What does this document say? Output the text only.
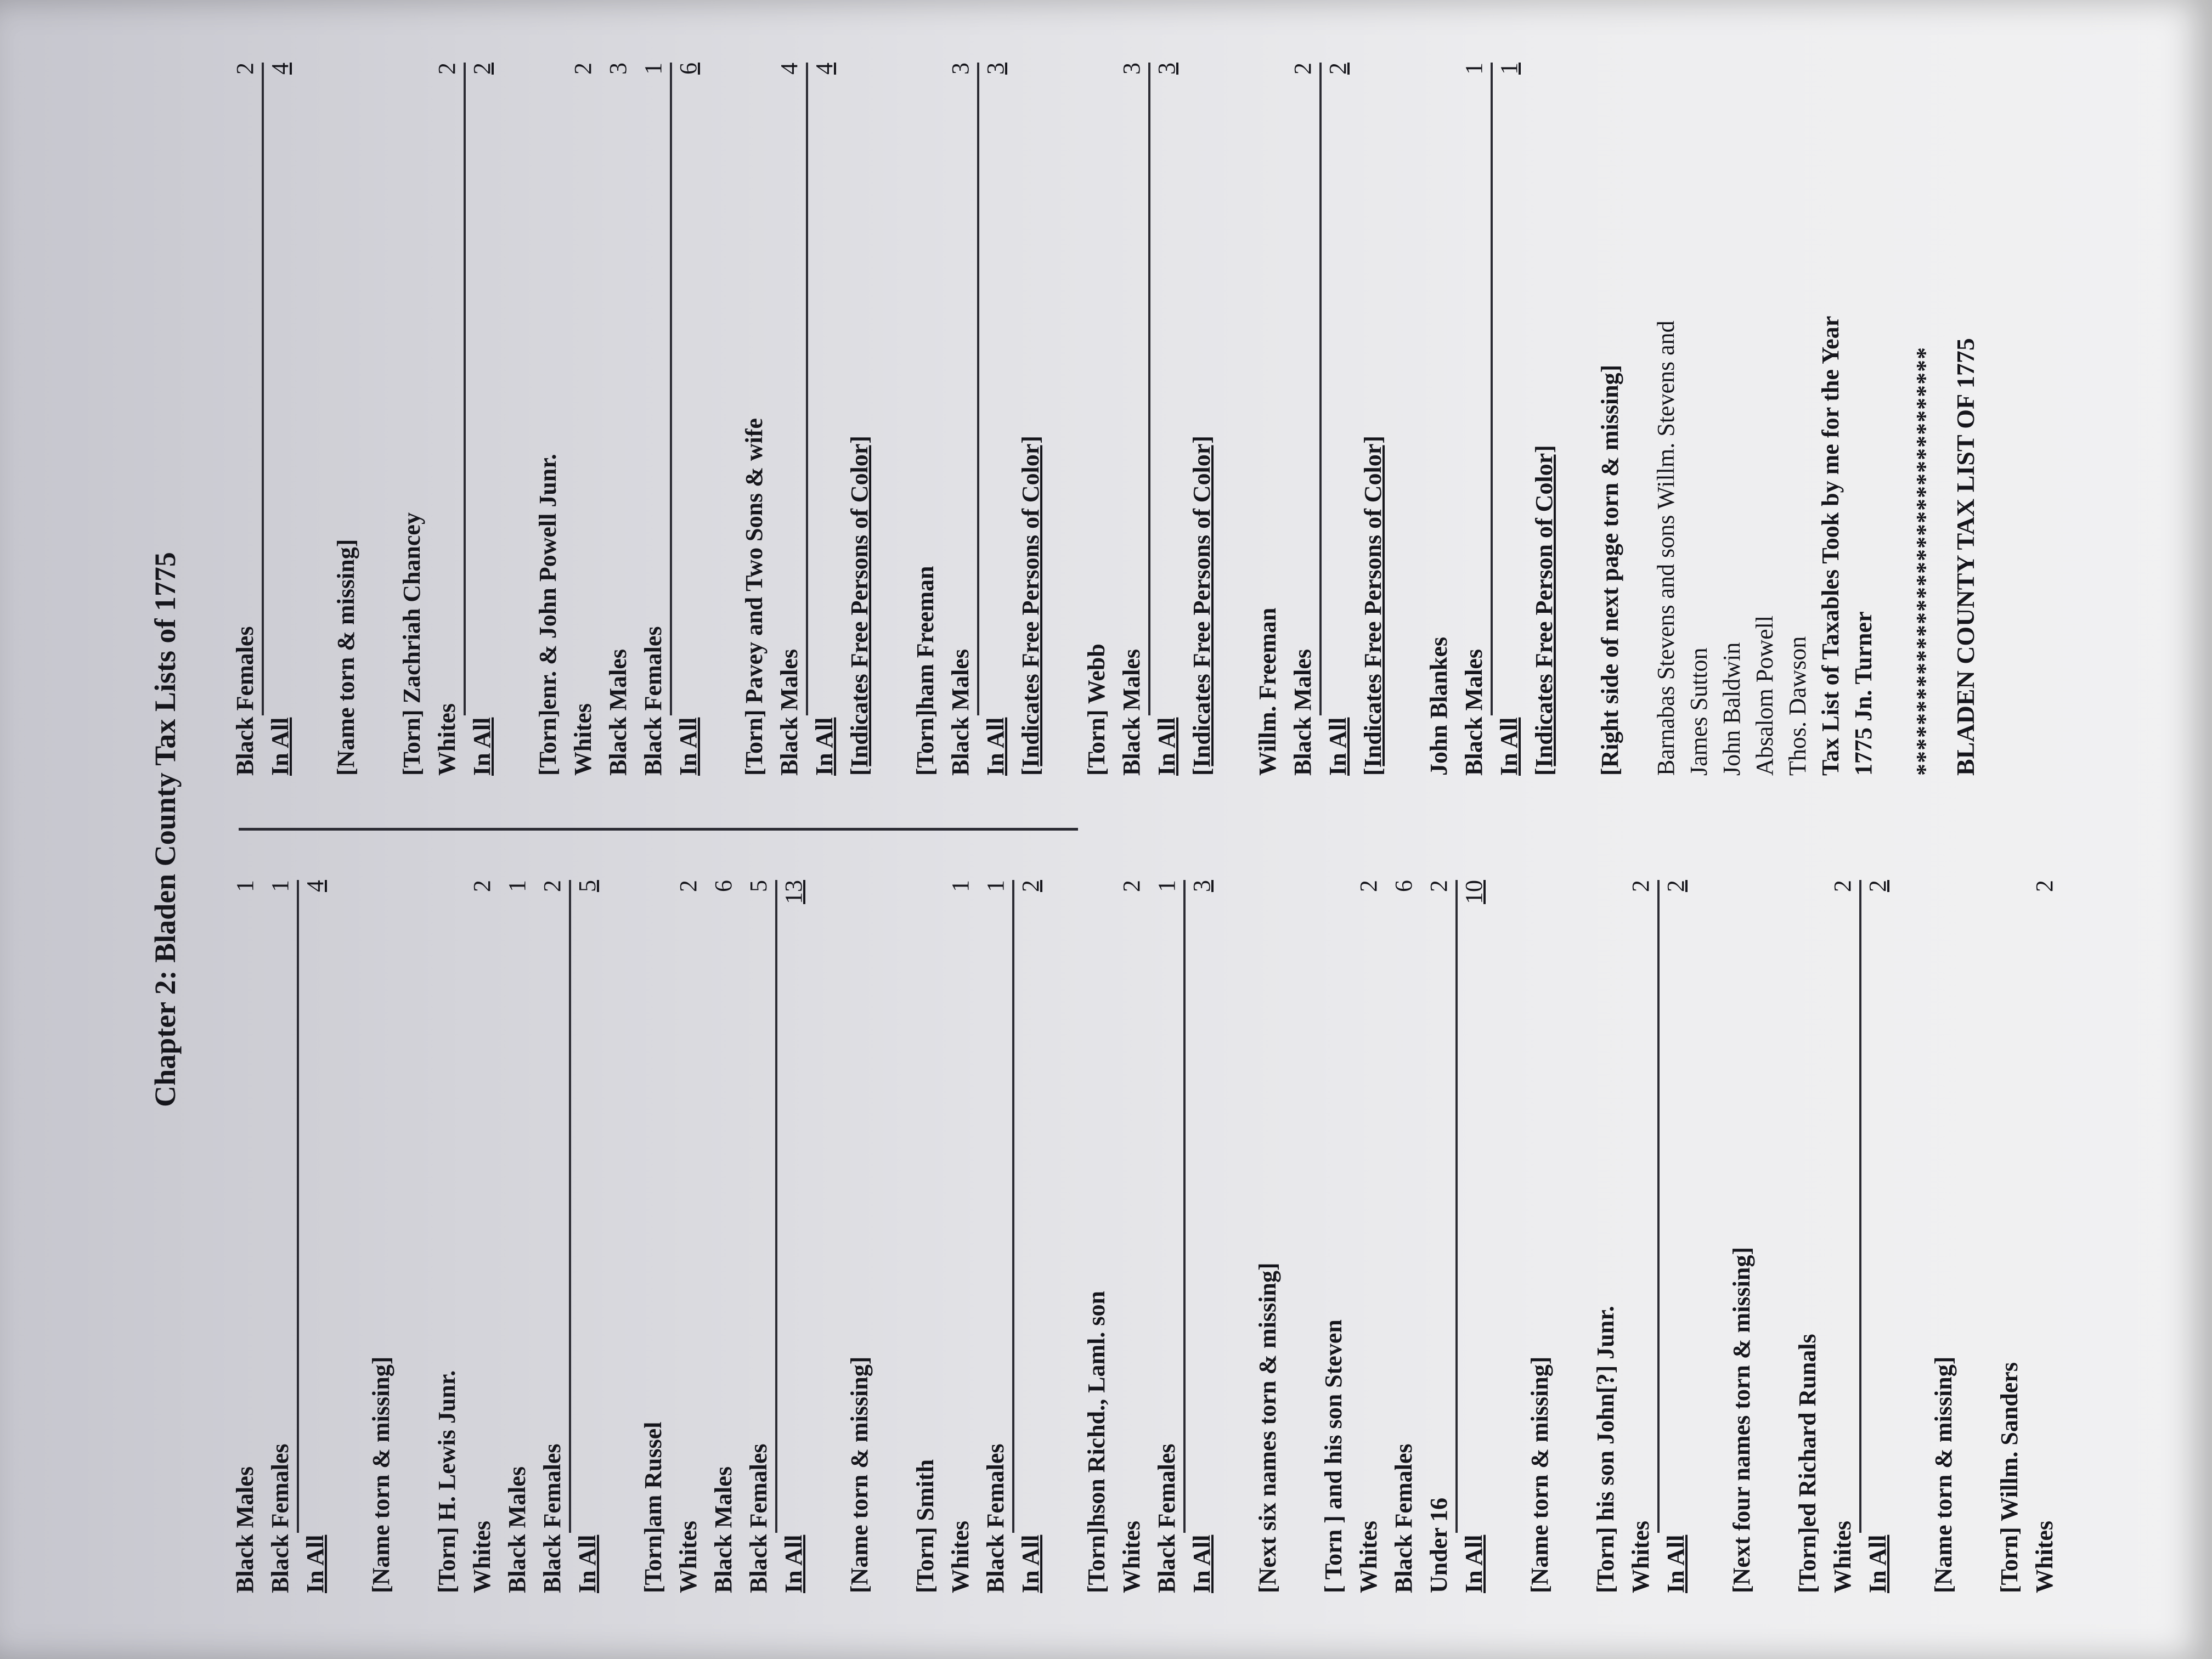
Chapter 2: Bladen County Tax Lists of 1775
Black Males
1
Black Females
1
In All
4
[Name torn & missing] [Torn] H. Lewis Junr. Whites
2
Black Males
1
Black Females
2
In All
5
[Torn]am Russel Whites
2
Black Males
6
Black Females
5
In All
13
[Name torn & missing] [Torn] Smith Whites
1
Black Females
1
In All
2
[Torn]hson Richd., Laml. son Whites
2
Black Females
1
In All
3
[Next six names torn & missing] [ Torn ] and his son Steven Whites
2
Black Females
6
Under 16
2
In All
10
[Name torn & missing] [Torn] his son John[?] Junr. Whites
2
In All
2
[Next four names torn & missing] [Torn]ed Richard Runals Whites
2
In All
2
[Name torn & missing] [Torn] Willm. Sanders Whites
2
Black Females
2
In All
4
[Name torn & missing] [Torn] Zachriah Chancey Whites
2
In All
2
[Torn]enr. & John Powell Junr. Whites
2
Black Males
3
Black Females
1
In All
6
[Torn] Pavey and Two Sons & wife Black Males
4
In All
4
[Indicates Free Persons of Color] [Torn]ham Freeman Black Males
3
In All
3
[Indicates Free Persons of Color] [Torn] Webb Black Males
3
In All
3
[Indicates Free Persons of Color] Willm. Freeman Black Males
2
In All
2
[Indicates Free Persons of Color] John Blankes Black Males
1
In All
1
[Indicates Free Person of Color] [Right side of next page torn & missing] Barnabas Stevens and sons Willm. Stevens and James Sutton John Baldwin Absalom Powell Thos. Dawson Tax List of Taxables Took by me for the Year 1775 Jn. Turner ********************************** BLADEN COUNTY TAX LIST OF 1775
